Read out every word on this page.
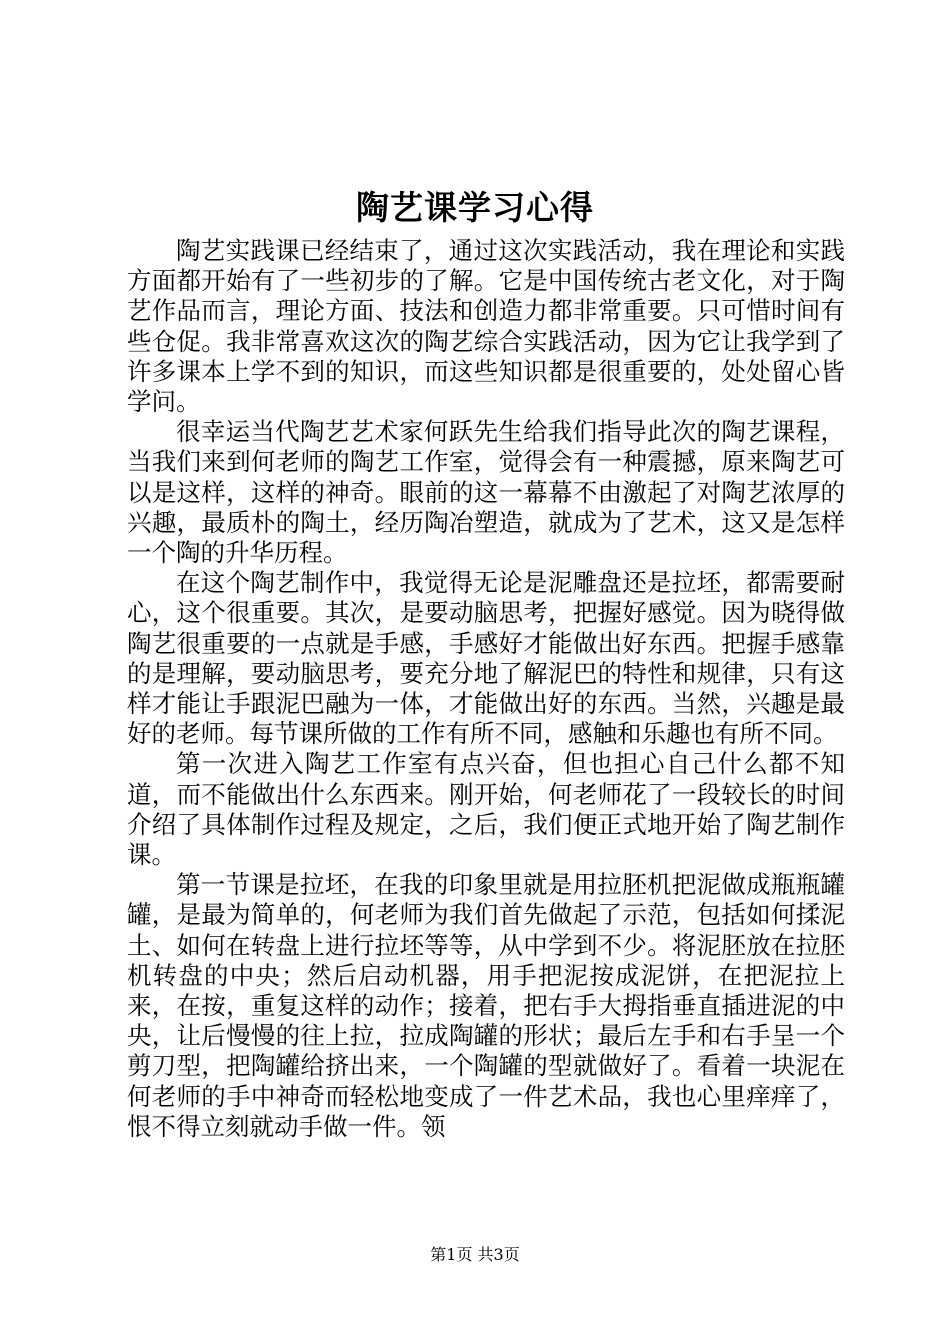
陶艺课学习心得

陶艺实践课已经结束了，通过这次实践活动，我在理论和实践方面都开始有了一些初步的了解。它是中国传统古老文化，对于陶艺作品而言，理论方面、技法和创造力都非常重要。只可惜时间有些仓促。我非常喜欢这次的陶艺综合实践活动，因为它让我学到了许多课本上学不到的知识，而这些知识都是很重要的，处处留心皆学问。

很幸运当代陶艺艺术家何跃先生给我们指导此次的陶艺课程，当我们来到何老师的陶艺工作室，觉得会有一种震撼，原来陶艺可以是这样，这样的神奇。眼前的这一幕幕不由激起了对陶艺浓厚的兴趣，最质朴的陶土，经历陶冶塑造，就成为了艺术，这又是怎样一个陶的升华历程。

在这个陶艺制作中，我觉得无论是泥雕盘还是拉坯，都需要耐心，这个很重要。其次，是要动脑思考，把握好感觉。因为晓得做陶艺很重要的一点就是手感，手感好才能做出好东西。把握手感靠的是理解，要动脑思考，要充分地了解泥巴的特性和规律，只有这样才能让手跟泥巴融为一体，才能做出好的东西。当然，兴趣是最好的老师。每节课所做的工作有所不同，感触和乐趣也有所不同。

第一次进入陶艺工作室有点兴奋，但也担心自己什么都不知道，而不能做出什么东西来。刚开始，何老师花了一段较长的时间介绍了具体制作过程及规定，之后，我们便正式地开始了陶艺制作课。

第一节课是拉坯，在我的印象里就是用拉胚机把泥做成瓶瓶罐罐，是最为简单的，何老师为我们首先做起了示范，包括如何揉泥土、如何在转盘上进行拉坯等等，从中学到不少。将泥胚放在拉胚机转盘的中央；然后启动机器，用手把泥按成泥饼，在把泥拉上来，在按，重复这样的动作；接着，把右手大拇指垂直插进泥的中央，让后慢慢的往上拉，拉成陶罐的形状；最后左手和右手呈一个剪刀型，把陶罐给挤出来，一个陶罐的型就做好了。看着一块泥在何老师的手中神奇而轻松地变成了一件艺术品，我也心里痒痒了，恨不得立刻就动手做一件。领

第1页 共3页
